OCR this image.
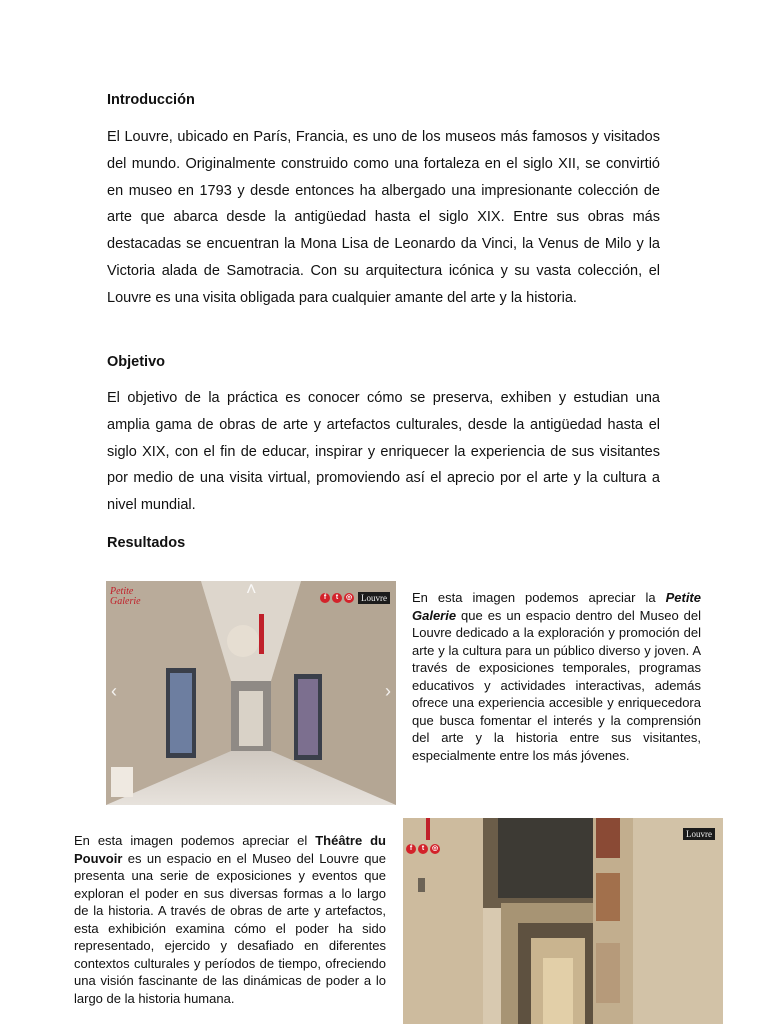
Introducción

El Louvre, ubicado en París, Francia, es uno de los museos más famosos y visitados del mundo. Originalmente construido como una fortaleza en el siglo XII, se convirtió en museo en 1793 y desde entonces ha albergado una impresionante colección de arte que abarca desde la antigüedad hasta el siglo XIX. Entre sus obras más destacadas se encuentran la Mona Lisa de Leonardo da Vinci, la Venus de Milo y la Victoria alada de Samotracia. Con su arquitectura icónica y su vasta colección, el Louvre es una visita obligada para cualquier amante del arte y la historia.

Objetivo

El objetivo de la práctica es conocer cómo se preserva, exhiben y estudian una amplia gama de obras de arte y artefactos culturales, desde la antigüedad hasta el siglo XIX, con el fin de educar, inspirar y enriquecer la experiencia de sus visitantes por medio de una visita virtual, promoviendo así el aprecio por el arte y la cultura a nivel mundial.

Resultados
Petite
Galerie	f	t	◎ Louvre
‹	›
˄	En esta imagen podemos apreciar la Petite Galerie que es un espacio dentro del Museo del Louvre dedicado a la exploración y promoción del arte y la cultura para un público diverso y joven. A través de exposiciones temporales, programas educativos y actividades interactivas, además ofrece una experiencia accesible y enriquecedora que busca fomentar el interés y la comprensión del arte y la historia entre sus visitantes, especialmente entre los más jóvenes.

En esta imagen podemos apreciar el Théâtre du Pouvoir es un espacio en el Museo del Louvre que presenta una serie de exposiciones y eventos que exploran el poder en sus diversas formas a lo largo de la historia. A través de obras de arte y artefactos, esta exhibición examina cómo el poder ha sido representado, ejercido y desafiado en diferentes contextos culturales y períodos de tiempo, ofreciendo una visión fascinante de las dinámicas de poder a lo largo de la historia humana.

f	t	◎
Louvre
